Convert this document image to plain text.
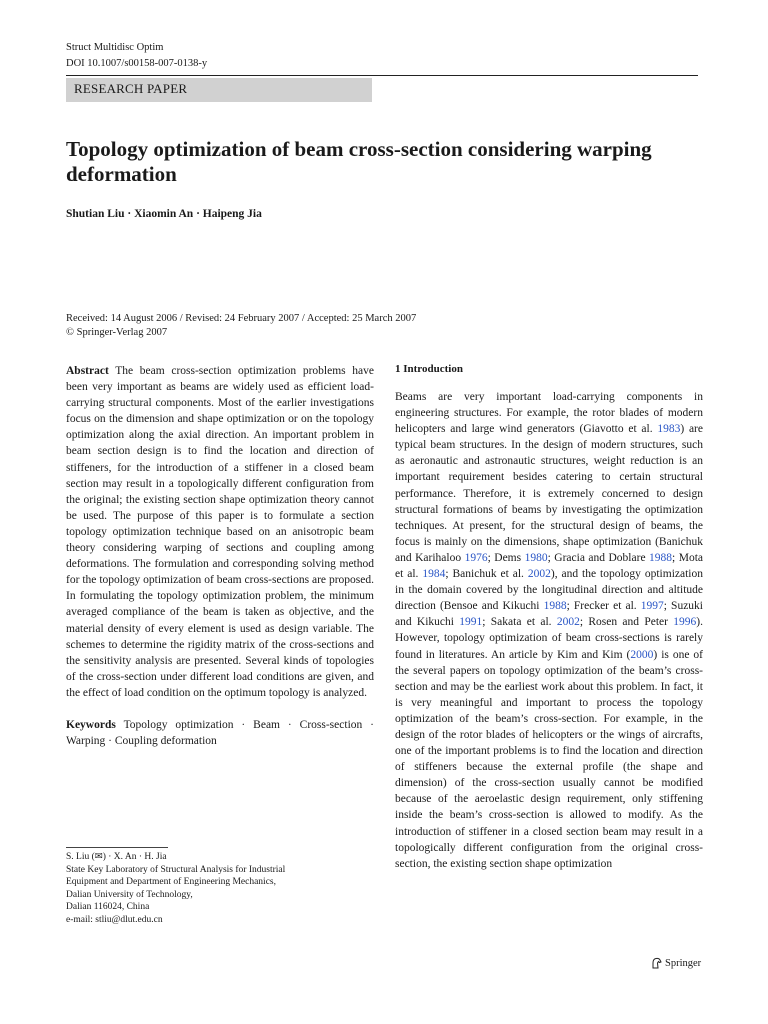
Struct Multidisc Optim
DOI 10.1007/s00158-007-0138-y
RESEARCH PAPER
Topology optimization of beam cross-section considering warping deformation
Shutian Liu · Xiaomin An · Haipeng Jia
Received: 14 August 2006 / Revised: 24 February 2007 / Accepted: 25 March 2007
© Springer-Verlag 2007

Abstract The beam cross-section optimization problems have been very important as beams are widely used as efficient load-carrying structural components. Most of the earlier investigations focus on the dimension and shape optimization or on the topology optimization along the axial direction. An important problem in beam section design is to find the location and direction of stiffeners, for the introduction of a stiffener in a closed beam section may result in a topologically different configuration from the original; the existing section shape optimization theory cannot be used. The purpose of this paper is to formulate a section topology optimization technique based on an anisotropic beam theory considering warping of sections and coupling among deformations. The formulation and corresponding solving method for the topology optimization of beam cross-sections are proposed. In formulating the topology optimization problem, the minimum averaged compliance of the beam is taken as objective, and the material density of every element is used as design variable. The schemes to determine the rigidity matrix of the cross-sections and the sensitivity analysis are presented. Several kinds of topologies of the cross-section under different load conditions are given, and the effect of load condition on the optimum topology is analyzed.

Keywords Topology optimization · Beam · Cross-section · Warping · Coupling deformation

S. Liu (✉) · X. An · H. Jia
State Key Laboratory of Structural Analysis for Industrial
Equipment and Department of Engineering Mechanics,
Dalian University of Technology,
Dalian 116024, China
e-mail: stliu@dlut.edu.cn
1 Introduction

Beams are very important load-carrying components in engineering structures. For example, the rotor blades of modern helicopters and large wind generators (Giavotto et al. 1983) are typical beam structures. In the design of modern structures, such as aeronautic and astronautic structures, weight reduction is an important requirement besides catering to certain structural performance. Therefore, it is extremely concerned to design structural formations of beams by investigating the optimization techniques. At present, for the structural design of beams, the focus is mainly on the dimensions, shape optimization (Banichuk and Karihaloo 1976; Dems 1980; Gracia and Doblare 1988; Mota et al. 1984; Banichuk et al. 2002), and the topology optimization in the domain covered by the longitudinal direction and altitude direction (Bensoe and Kikuchi 1988; Frecker et al. 1997; Suzuki and Kikuchi 1991; Sakata et al. 2002; Rosen and Peter 1996). However, topology optimization of beam cross-sections is rarely found in literatures. An article by Kim and Kim (2000) is one of the several papers on topology optimization of the beam’s cross-section and may be the earliest work about this problem. In fact, it is very meaningful and important to process the topology optimization of the beam’s cross-section. For example, in the design of the rotor blades of helicopters or the wings of aircrafts, one of the important problems is to find the location and direction of stiffeners because the external profile (the shape and dimension) of the cross-section usually cannot be modified because of the aeroelastic design requirement, only stiffening inside the beam’s cross-section is allowed to modify. As the introduction of stiffener in a closed section beam may result in a topologically different configuration from the original cross-section, the existing section shape optimization

Springer
